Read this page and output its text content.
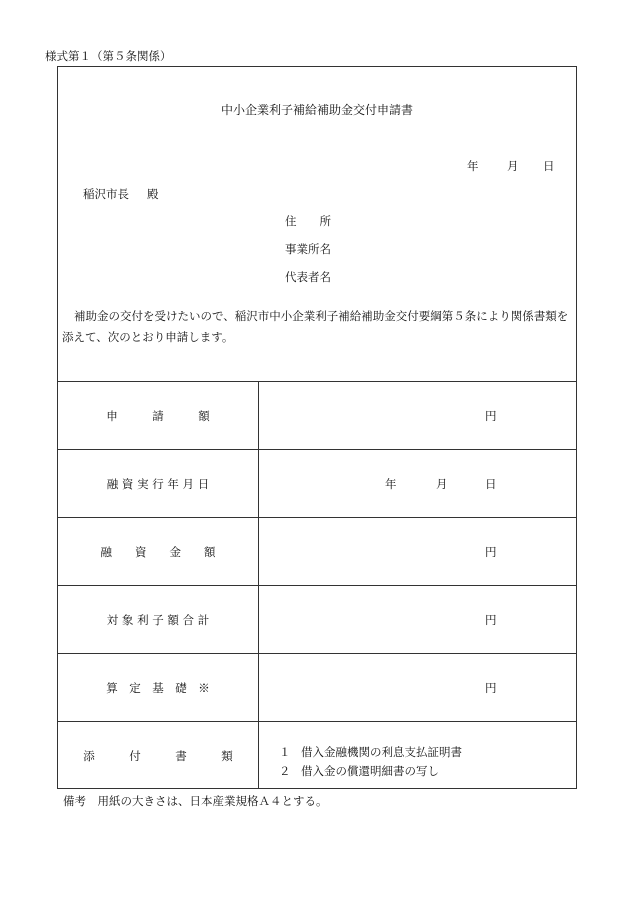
様式第１（第５条関係）
中小企業利子補給補助金交付申請書
年 月 日
稲沢市長 殿
住　　所
事業所名
代表者名
補助金の交付を受けたいので、稲沢市中小企業利子補給補助金交付要綱第５条により関係書類を添えて、次のとおり申請します。
申　　　請　　　額	円
融 資 実 行 年 月 日	年	月	日
融　　資　　金　　額	円
対 象 利 子 額 合 計	円
算　定　基　礎　※	円
添　　　付　　　書　　　類	１ 借入金融機関の利息支払証明書
２ 借入金の償還明細書の写し
備考　用紙の大きさは、日本産業規格Ａ４とする。
